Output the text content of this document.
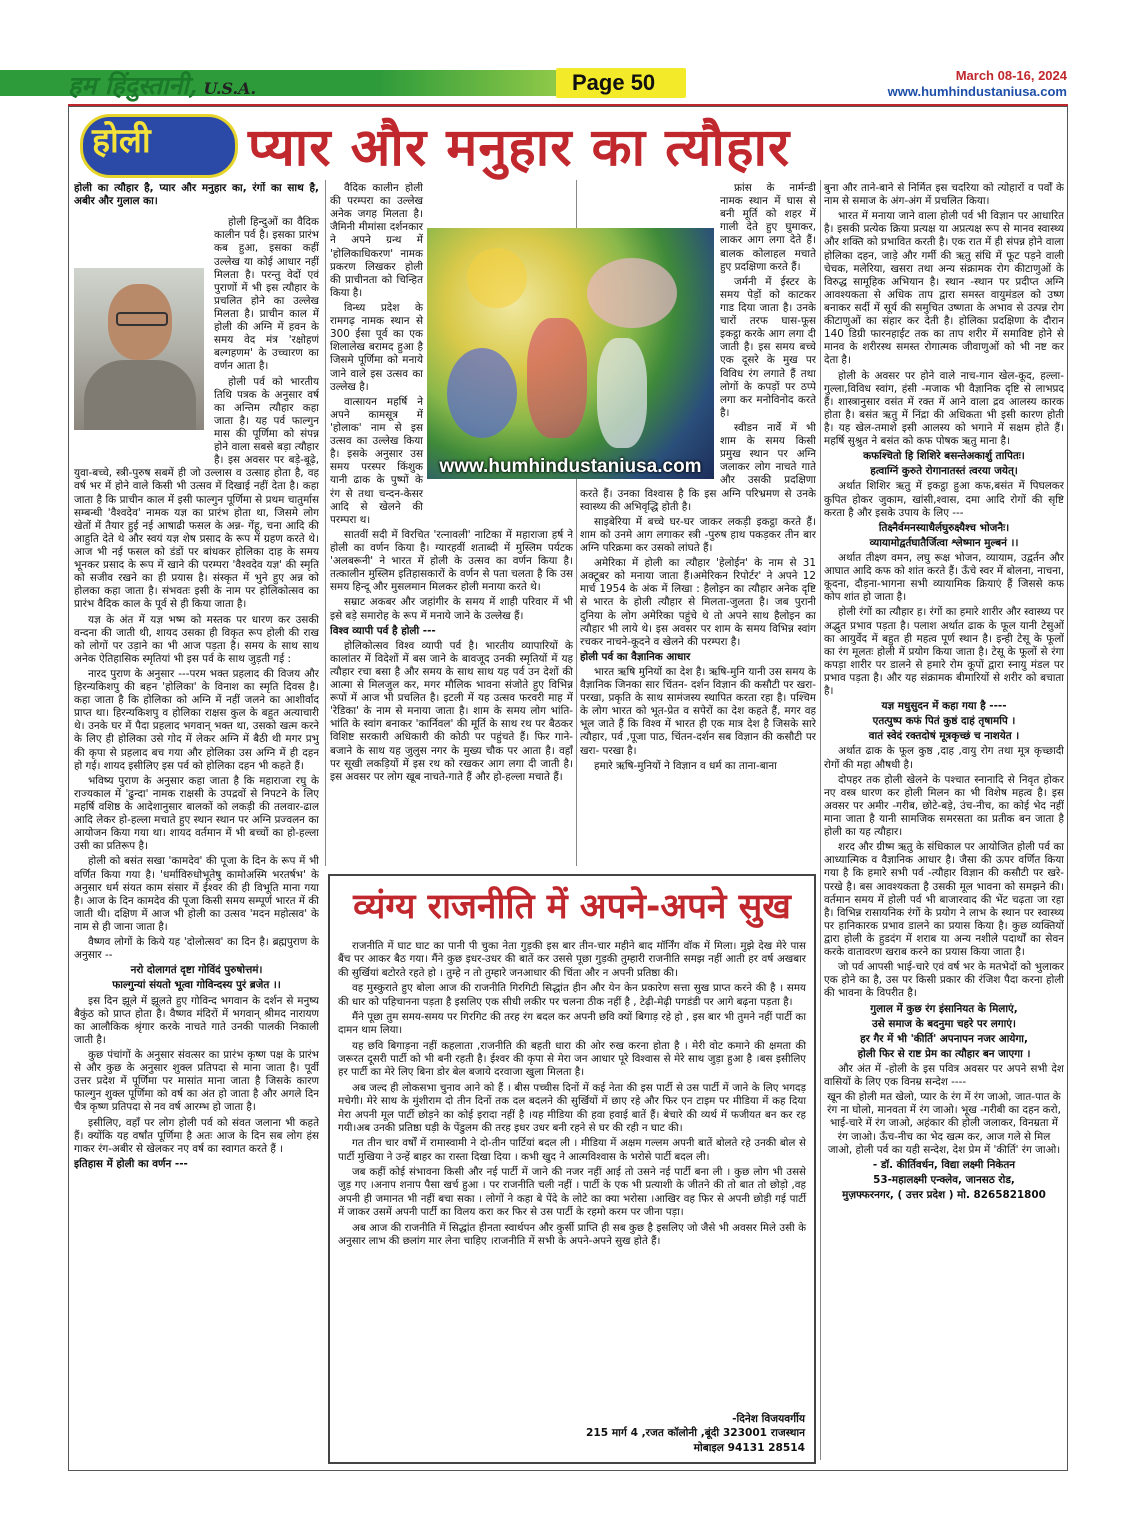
हम हिंदुस्तानी, U.S.A.	Page 50	March 08-16, 2024
www.humhindustaniusa.com
होली प्यार और मनुहार का त्यौहार

होली का त्यौहार है, प्यार और मनुहार का, रंगों का साथ है, अबीर और गुलाल का।

होली हिन्दुओं का वैदिक कालीन पर्व है। इसका प्रारंभ कब हुआ, इसका कहीं उल्लेख या कोई आधार नहीं मिलता है। परन्तु वेदों एवं पुराणों में भी इस त्यौहार के प्रचलित होने का उल्लेख मिलता है। प्राचीन काल में होली की अग्नि में हवन के समय वेद मंत्र 'रक्षोहणं बल्गहणम' के उच्चारण का वर्णन आता है।

होली पर्व को भारतीय तिथि पत्रक के अनुसार वर्ष का अन्तिम त्यौहार कहा जाता है। यह पर्व फाल्गुन मास की पूर्णिमा को संपन्न होने वाला सबसे बड़ा त्यौहार है। इस अवसर पर बड़े-बूढ़े, युवा-बच्चे, स्त्री-पुरुष सबमें ही जो उल्लास व उत्साह होता है, वह वर्ष भर में होने वाले किसी भी उत्सव में दिखाई नहीं देता है। कहा जाता है कि प्राचीन काल में इसी फाल्गुन पूर्णिमा से प्रथम चातुर्मास सम्बन्धी 'वैश्वदेव' नामक यज्ञ का प्रारंभ होता था, जिसमे लोग खेतों में तैयार हुई नई आषाढी फसल के अन्न- गेंहू, चना आदि की आहुति देते थे और स्वयं यज्ञ शेष प्रसाद के रूप में ग्रहण करते थे। आज भी नई फसल को डंडों पर बांधकर होलिका दाह के समय भूनकर प्रसाद के रूप में खाने की परम्परा 'वैश्वदेव यज्ञ' की स्मृति को सजीव रखने का ही प्रयास है। संस्कृत में भुने हुए अन्न को होलका कहा जाता है। संभवतः इसी के नाम पर होलिकोत्सव का प्रारंभ वैदिक काल के पूर्व से ही किया जाता है।

यज्ञ के अंत में यज्ञ भष्म को मस्तक पर धारण कर उसकी वन्दना की जाती थी, शायद उसका ही विकृत रूप होली की राख को लोगों पर उड़ाने का भी आज पड़ता है। समय के साथ साथ अनेक ऐतिहासिक स्मृतियां भी इस पर्व के साथ जुड़ती गई :

नारद पुराण के अनुसार ---परम भक्त प्रहलाद की विजय और हिरन्यकिशपु की बहन 'होलिका' के विनाश का स्मृति दिवस है। कहा जाता है कि होलिका को अग्नि में नहीं जलने का आशीर्वाद प्राप्त था। हिरन्यकिशपु व होलिका राक्षस कुल के बहुत अत्याचारी थे। उनके घर में पैदा प्रहलाद भगवान् भक्त था, उसको खत्म करने के लिए ही होलिका उसे गोद में लेकर अग्नि में बैठी थी मगर प्रभु की कृपा से प्रहलाद बच गया और होलिका उस अग्नि में ही दहन हो गई। शायद इसीलिए इस पर्व को होलिका दहन भी कहते हैं।

भविष्य पुराण के अनुसार कहा जाता है कि महाराजा रघु के राज्यकाल में 'ढुन्दा' नामक राक्षसी के उपद्रवों से निपटने के लिए महर्षि वशिष्ठ के आदेशानुसार बालकों को लकड़ी की तलवार-ढाल आदि लेकर हो-हल्ला मचाते हुए स्थान स्थान पर अग्नि प्रज्वलन का आयोजन किया गया था। शायद वर्तमान में भी बच्चों का हो-हल्ला उसी का प्रतिरूप है।

होली को बसंत सखा 'कामदेव' की पूजा के दिन के रूप में भी वर्णित किया गया है। 'धर्माविरुधोभूतेषु कामोअस्मि भरतर्षभ' के अनुसार धर्म संयत काम संसार में ईश्वर की ही विभूति माना गया है। आज के दिन कामदेव की पूजा किसी समय सम्पूर्ण भारत में की जाती थी। दक्षिण में आज भी होली का उत्सव 'मदन महोत्सव' के नाम से ही जाना जाता है।

वैष्णव लोगों के किये यह 'दोलोत्सव' का दिन है। ब्रह्मपुराण के अनुसार --

नरो दोलागतं दृष्टा गोविंदं पुरुषोत्तमं।

फाल्गुन्यां संयतो भूत्वा गोविन्दस्य पुरं ब्रजेत ।।

इस दिन झूले में झूलते हुए गोविन्द भगवान के दर्शन से मनुष्य बैकुंठ को प्राप्त होता है। वैष्णव मंदिरों में भगवान् श्रीमद नारायण का आलौकिक श्रृंगार करके नाचते गाते उनकी पालकी निकाली जाती है।

कुछ पंचांगों के अनुसार संवत्सर का प्रारंभ कृष्ण पक्ष के प्रारंभ से और कुछ के अनुसार शुक्ल प्रतिपदा से माना जाता है। पूर्वी उत्तर प्रदेश में पूर्णिमा पर मासांत माना जाता है जिसके कारण फाल्गुन शुक्ल पूर्णिमा को वर्ष का अंत हो जाता है और अगले दिन चैत्र कृष्ण प्रतिपदा से नव वर्ष आरम्भ हो जाता है।

इसीलिए, वहाँ पर लोग होली पर्व को संवत जलाना भी कहते हैं। क्योंकि यह वर्षांत पूर्णिमा है अतः आज के दिन सब लोग हंस गाकर रंग-अबीर से खेलकर नए वर्ष का स्वागत करते हैं ।

इतिहास में होली का वर्णन ---

www.humhindustaniusa.com

वैदिक कालीन होली की परम्परा का उल्लेख अनेक जगह मिलता है। जैमिनी मीमांसा दर्शनकार ने अपने ग्रन्थ में 'होलिकाधिकरण' नामक प्रकरण लिखकर होली की प्राचीनता को चिन्हित किया है।

विन्ध्य प्रदेश के रामगढ़ नामक स्थान से 300 ईसा पूर्व का एक शिलालेख बरामद हुआ है जिसमे पूर्णिमा को मनाये जाने वाले इस उत्सव का उल्लेख है।

वात्सायन महर्षि ने अपने कामसूत्र में 'होलाक' नाम से इस उत्सव का उल्लेख किया है। इसके अनुसार उस समय परस्पर किंशुक यानी ढाक के पुष्पों के रंग से तथा चन्दन-केसर आदि से खेलने की परम्परा थ।

सातवीं सदी में विरचित 'रत्नावली' नाटिका में महाराजा हर्ष ने होली का वर्णन किया है। ग्यारहवीं शताब्दी में मुस्लिम पर्यटक 'अलबरूनी' ने भारत में होली के उत्सव का वर्णन किया है। तत्कालीन मुस्लिम इतिहासकारों के वर्णन से पता चलता है कि उस समय हिन्दू और मुसलमान मिलकर होली मनाया करते थे।

सम्राट अकबर और जहांगीर के समय में शाही परिवार में भी इसे बड़े समारोह के रूप में मनाये जाने के उल्लेख हैं।

विश्व व्यापी पर्व है होली ---

होलिकोत्सव विश्व व्यापी पर्व है। भारतीय व्यापारियों के कालांतर में विदेशों में बस जाने के बावजूद उनकी स्मृतियों में यह त्यौहार रचा बसा है और समय के साथ साथ यह पर्व उन देशों की आत्मा से मिलजुल कर, मगर मौलिक भावना संजोते हुए विभिन्न रूपों में आज भी प्रचलित है। इटली में यह उत्सव फरवरी माह में 'रेडिका' के नाम से मनाया जाता है। शाम के समय लोग भांति-भांति के स्वांग बनाकर 'कार्निवल' की मूर्ति के साथ रथ पर बैठकर विशिष्ट सरकारी अधिकारी की कोठी पर पहुंचते हैं। फिर गाने-बजाने के साथ यह जुलुस नगर के मुख्य चौक पर आता है। वहाँ पर सूखी लकड़ियों में इस रथ को रखकर आग लगा दी जाती है। इस अवसर पर लोग खूब नाचते-गाते हैं और हो-हल्ला मचाते हैं।

फ्रांस के नार्मन्डी नामक स्थान में घास से बनी मूर्ति को शहर में गाली देते हुए घुमाकर, लाकर आग लगा देते हैं। बालक कोलाहल मचाते हुए प्रदक्षिणा करते हैं।

जर्मनी में ईस्टर के समय पेड़ों को काटकर गाड दिया जाता है। उनके चारों तरफ घास-फूस इकट्ठा करके आग लगा दी जाती है। इस समय बच्चे एक दूसरे के मुख पर विविध रंग लगाते हैं तथा लोगों के कपड़ों पर ठप्पे लगा कर मनोविनोद करते है।

स्वीडन नार्वे में भी शाम के समय किसी प्रमुख स्थान पर अग्नि जलाकर लोग नाचते गाते और उसकी प्रदक्षिणा करते हैं। उनका विश्वास है कि इस अग्नि परिभ्रमण से उनके स्वास्थ्य की अभिवृद्धि होती है।

साइबेरिया में बच्चे घर-घर जाकर लकड़ी इकट्ठा करते हैं। शाम को उनमे आग लगाकर स्त्री -पुरुष हाथ पकड़कर तीन बार अग्नि परिक्रमा कर उसको लांघते हैं।

अमेरिका में होली का त्यौहार 'हेलोईन' के नाम से 31 अक्टूबर को मनाया जाता हैं।अमेरिकन रिपोर्टर' ने अपने 12 मार्च 1954 के अंक में लिखा : हैलोइन का त्यौहार अनेक दृष्टि से भारत के होली त्यौहार से मिलता-जुलता है। जब पुरानी दुनिया के लोग अमेरिका पहुंचे थे तो अपने साथ हैलोइन का त्यौहार भी लाये थे। इस अवसर पर शाम के समय विभिन्न स्वांग रचकर नाचने-कूदने व खेलने की परम्परा है।

होली पर्व का वैज्ञानिक आधार

भारत ऋषि मुनियों का देश है। ऋषि-मुनि यानी उस समय के वैज्ञानिक जिनका सार चिंतन- दर्शन विज्ञान की कसौटी पर खरा-परखा, प्रकृति के साथ सामंजस्य स्थापित करता रहा है। पश्चिम के लोग भारत को भूत-प्रेत व सपेरों का देश कहते हैं, मगर वह भूल जाते हैं कि विश्व में भारत ही एक मात्र देश है जिसके सारे त्यौहार, पर्व ,पूजा पाठ, चिंतन-दर्शन सब विज्ञान की कसौटी पर खरा- परखा है।

हमारे ऋषि-मुनियों ने विज्ञान व धर्म का ताना-बाना

बुना और ताने-बाने से निर्मित इस चदरिया को त्योहारों व पर्वों के नाम से समाज के अंग-अंग में प्रचलित किया।

भारत में मनाया जाने वाला होली पर्व भी विज्ञान पर आधारित है। इसकी प्रत्येक क्रिया प्रत्यक्ष या अप्रत्यक्ष रूप से मानव स्वास्थ्य और शक्ति को प्रभावित करती है। एक रात में ही संपन्न होने वाला होलिका दहन, जाड़े और गर्मी की ऋतु संधि में फूट पड़ने वाली चेचक, मलेरिया, खसरा तथा अन्य संक्रामक रोग कीटाणुओं के विरुद्ध सामूहिक अभियान है। स्थान -स्थान पर प्रदीप्त अग्नि आवश्यकता से अधिक ताप द्वारा समस्त वायुमंडल को उष्ण बनाकर सर्दी में सूर्य की समुचित उष्णता के अभाव से उत्पन्न रोग कीटाणुओं का संहार कर देती है। होलिका प्रदक्षिणा के दौरान 140 डिग्री फारनहाईट तक का ताप शरीर में समाविष्ट होने से मानव के शरीरस्थ समस्त रोगात्मक जीवाणुओं को भी नष्ट कर देता है।

होली के अवसर पर होने वाले नाच-गान खेल-कूद, हल्ला-गुल्ला,विविध स्वांग, हंसी -मजाक भी वैज्ञानिक दृष्टि से लाभप्रद हैं। शास्त्रानुसार वसंत में रक्त में आने वाला द्रव आलस्य कारक होता है। बसंत ऋतु में निंद्रा की अधिकता भी इसी कारण होती है। यह खेल-तमाशे इसी आलस्य को भगाने में सक्षम होते हैं। महर्षि सुश्रुत ने बसंत को कफ पोषक ऋतु माना है।

कफश्चितो हि शिशिरे बसन्तेअकार्शु तापितः।

हत्वाग्निं कुरुते रोगानातस्तं त्वरया जयेत्।

अर्थात शिशिर ऋतु में इकट्ठा हुआ कफ,बसंत में पिघलकर कुपित होकर जुकाम, खांसी,श्वास, दमा आदि रोगों की सृष्टि करता है और इसके उपाय के लिए ---

तिक्ष्नैर्वमनस्याधैर्लघुरुक्ष्यैश्च भोजनैः।

व्यायामोद्वर्तघातैर्जित्वा श्लेष्मान मुल्बनं ।।

अर्थात तीक्ष्ण वमन, लघु रूक्ष भोजन, व्यायाम, उद्वर्तन और आघात आदि कफ को शांत करते हैं। ऊँचे स्वर में बोलना, नाचना, कूदना, दौड़ना-भागना सभी व्यायामिक क्रियाएं हैं जिससे कफ कोप शांत हो जाता है।

होली रंगों का त्यौहार ह। रंगों का हमारे शारीर और स्वास्थ्य पर अद्भुत प्रभाव पड़ता है। पलाश अर्थात ढाक के फूल यानी टेसुओं का आयुर्वेद में बहुत ही महत्व पूर्ण स्थान है। इन्ही टेसू के फूलों का रंग मूलतः होली में प्रयोग किया जाता है। टेसू के फूलों से रंगा कपड़ा शारीर पर डालने से हमारे रोम कूपों द्वारा स्नायु मंडल पर प्रभाव पड़ता है। और यह संक्रामक बीमारियों से शरीर को बचाता है।

यज्ञ मधुसुदन में कहा गया है ----

एतत्पुष्प कफं पितं कुष्ठं दाहं तृषामपि ।

वातं स्वेदं रक्तदोषं मूत्रकृच्छं च नाशयेत ।

अर्थात ढाक के फूल कुष्ठ ,दाह ,वायु रोग तथा मूत्र कृच्छादी रोगों की महा औषधी है।

दोपहर तक होली खेलने के पश्चात स्नानादि से निवृत होकर नए वस्त्र धारण कर होली मिलन का भी विशेष महत्व है। इस अवसर पर अमीर -गरीब, छोटे-बड़े, उंच-नीच, का कोई भेद नहीं माना जाता है यानी सामजिक समरसता का प्रतीक बन जाता है होली का यह त्यौहार।

शरद और ग्रीष्म ऋतु के संधिकाल पर आयोजित होली पर्व का आध्यात्मिक व वैज्ञानिक आधार है। जैसा की ऊपर वर्णित किया गया है कि हमारे सभी पर्व -त्यौहार विज्ञान की कसौटी पर खरे-परखे है। बस आवश्यकता है उसकी मूल भावना को समझने की। वर्तमान समय में होली पर्व भी बाजारवाद की भेंट चढ़ता जा रहा है। विभिन्न रासायनिक रंगों के प्रयोग ने लाभ के स्थान पर स्वास्थ्य पर हानिकारक प्रभाव डालने का प्रयास किया है। कुछ व्यक्तियों द्वारा होली के हुडदंग में शराब या अन्य नशीले पदार्थों का सेवन करके वातावरण खराब करने का प्रयास किया जाता है।

जो पर्व आपसी भाई-चारे एवं वर्ष भर के मतभेदों को भुलाकर एक होने का है, उस पर किसी प्रकार की रंजिश पैदा करना होली की भावना के विपरीत है।

गुलाल में कुछ रंग इंसानियत के मिलाएं,

उसे समाज के बदनुमा चहरे पर लगाएं।

हर गैर में भी 'कीर्ति' अपनापन नजर आयेगा,

होली फिर से राष्ट प्रेम का त्यौहार बन जाएगा ।

और अंत में -होली के इस पवित्र अवसर पर अपने सभी देश वासियों के लिए एक विनम्र सन्देश ----

खून की होली मत खेलो, प्यार के रंग में रंग जाओ, जात-पात के रंग ना घोलो, मानवता में रंग जाओ। भूख -गरीबी का दहन करो, भाई-चारे में रंग जाओ, अहंकार की होली जलाकर, विनम्रता में रंग जाओ। ऊँच-नीच का भेद खत्म कर, आज गले से मिल जाओ, होली पर्व का यही सन्देश, देश प्रेम में 'कीर्ति' रंग जाओ।

- डॉ. कीर्तिवर्धन, विद्या लक्ष्मी निकेतन

53-महालक्ष्मी एन्क्लेव, जानसठ रोड,

मुज़फ्फरनगर, ( उत्तर प्रदेश ) मो. 8265821800

व्यंग्य राजनीति में अपने-अपने सुख

राजनीति में घाट घाट का पानी पी चुका नेता गुड़की इस बार तीन-चार महीने बाद मॉर्निंग वॉक में मिला। मुझे देख मेरे पास बैंच पर आकर बैठ गया। मैंने कुछ इधर-उधर की बातें कर उससे पूछा गुड़की तुम्हारी राजनीति समझ नहीं आती हर वर्ष अखबार की सुर्खियां बटोरते रहते हो । तुम्हे न तो तुम्हारे जनआधार की चिंता और न अपनी प्रतिष्ठा की।

वह मुस्कुराते हुए बोला आज की राजनीति गिरगिटी सिद्धांत हीन और येन केन प्रकारेण सत्ता सुख प्राप्त करने की है । समय की धार को पहिचानना पड़ता है इसलिए एक सीधी लकीर पर चलना ठीक नहीं है , टेढ़ी-मेढ़ी पगडंडी पर आगे बढ़ना पड़ता है।

मैंने पूछा तुम समय-समय पर गिरगिट की तरह रंग बदल कर अपनी छवि क्यों बिगाड़ रहे हो , इस बार भी तुमने नहीं पार्टी का दामन थाम लिया।

यह छवि बिगाड़ना नहीं कहलाता ,राजनीति की बहती धारा की ओर रुख करना होता है । मेरी वोट कमाने की क्षमता की जरूरत दूसरी पार्टी को भी बनी रहती है। ईश्वर की कृपा से मेरा जन आधार पूरे विश्वास से मेरे साथ जुड़ा हुआ है ।बस इसीलिए हर पार्टी का मेरे लिए बिना डोर बेल बजाये दरवाजा खुला मिलता है।

अब जल्द ही लोकसभा चुनाव आने को हैं । बीस पच्चीस दिनों में कई नेता की इस पार्टी से उस पार्टी में जाने के लिए भगदड़ मचेगी। मेरे साथ के मुंशीराम दो तीन दिनों तक दल बदलने की सुर्खियों में छाए रहे और फिर एन टाइम पर मीडिया में कह दिया मेरा अपनी मूल पार्टी छोड़ने का कोई इरादा नहीं है ।यह मीडिया की हवा हवाई बातें हैं। बेचारे की व्यर्थ में फजीयत बन कर रह गयी।अब उनकी प्रतिष्ठा घड़ी के पेंडुलम की तरह इधर उधर बनी रहने से घर की रही न घाट की।

गत तीन चार वर्षों में रामास्वामी ने दो-तीन पार्टियां बदल ली । मीडिया में अक्षम गल्लम अपनी बातें बोलते रहे उनकी बोल से पार्टी मुखिया ने उन्हें बाहर का रास्ता दिखा दिया । कभी खुद ने आत्मविश्वास के भरोसे पार्टी बदल ली।

जब कहीं कोई संभावना किसी और नई पार्टी में जाने की नजर नहीं आई तो उसने नई पार्टी बना ली । कुछ लोग भी उससे जुड़ गए ।अनाप शनाप पैसा खर्च हुआ । पर राजनीति चली नहीं । पार्टी के एक भी प्रत्याशी के जीतने की तो बात तो छोड़ो ,वह अपनी ही जमानत भी नहीं बचा सका । लोगों ने कहा बे पेंदे के लोटे का क्या भरोसा ।आखिर वह फिर से अपनी छोड़ी गई पार्टी में जाकर उसमें अपनी पार्टी का विलय करा कर फिर से उस पार्टी के रहमो करम पर जीना पड़ा।

अब आज की राजनीति में सिद्धांत हीनता स्वार्थपन और कुर्सी प्राप्ति ही सब कुछ है इसलिए जो जैसे भी अवसर मिले उसी के अनुसार लाभ की छलांग मार लेना चाहिए ।राजनीति में सभी के अपने-अपने सुख होते हैं।

-दिनेश विजयवर्गीय
215 मार्ग 4 ,रजत कॉलोनी ,बूंदी 323001 राजस्थान
मोबाइल 94131 28514
